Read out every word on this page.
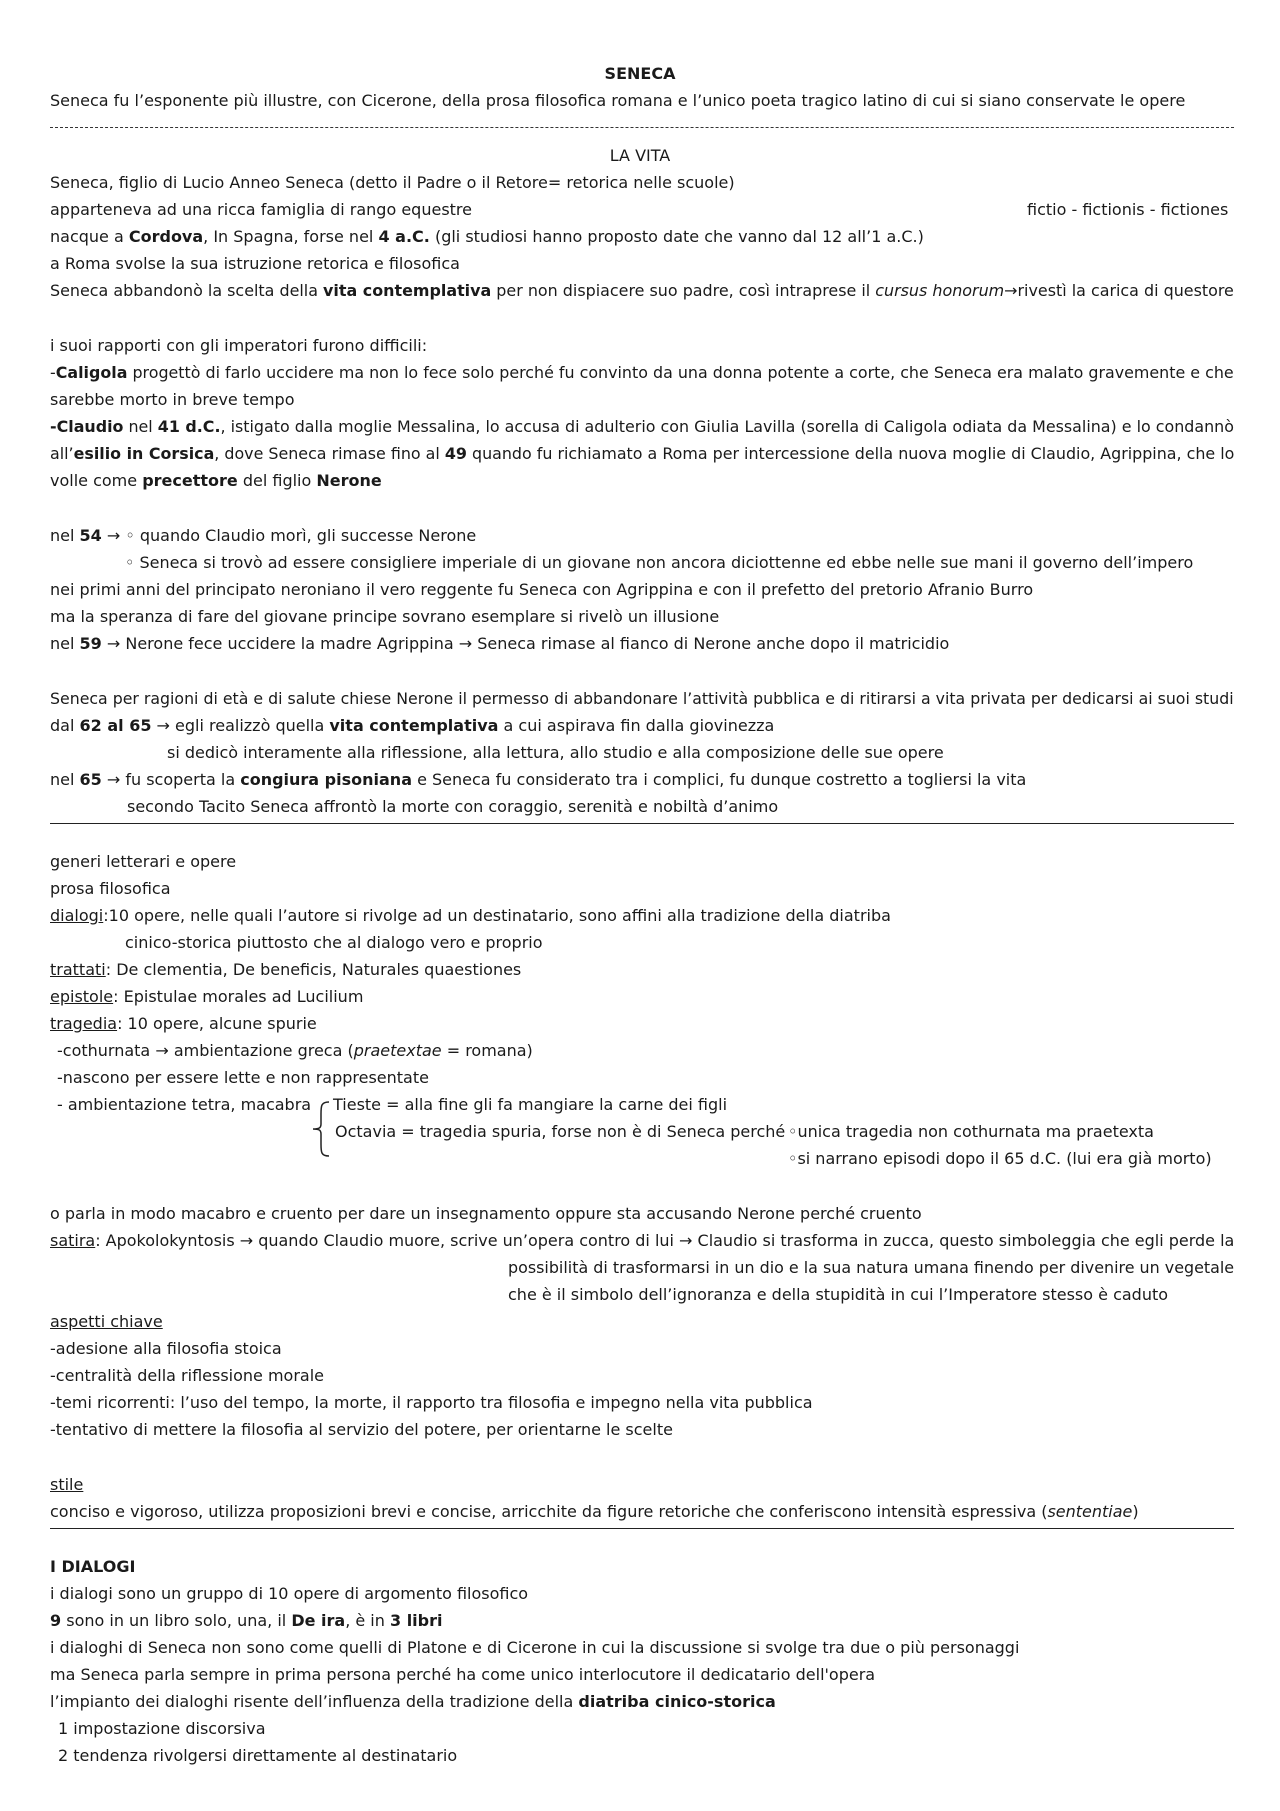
SENECA
Seneca fu l’esponente più illustre, con Cicerone, della prosa filosofica romana e l’unico poeta tragico latino di cui si siano conservate le opere
LA VITA
Seneca, figlio di Lucio Anneo Seneca (detto il Padre o il Retore= retorica nelle scuole)
apparteneva ad una ricca famiglia di rango equestre	fictio - fictionis - fictiones
nacque a Cordova, In Spagna, forse nel 4 a.C. (gli studiosi hanno proposto date che vanno dal 12 all’1 a.C.)
a Roma svolse la sua istruzione retorica e filosofica
Seneca abbandonò la scelta della vita contemplativa per non dispiacere suo padre, così intraprese il cursus honorum→rivestì la carica di questore
i suoi rapporti con gli imperatori furono difficili:
-Caligola progettò di farlo uccidere ma non lo fece solo perché fu convinto da una donna potente a corte, che Seneca era malato gravemente e che
sarebbe morto in breve tempo
-Claudio nel 41 d.C., istigato dalla moglie Messalina, lo accusa di adulterio con Giulia Lavilla (sorella di Caligola odiata da Messalina) e lo condannò
all’esilio in Corsica, dove Seneca rimase fino al 49 quando fu richiamato a Roma per intercessione della nuova moglie di Claudio, Agrippina, che lo
volle come precettore del figlio Nerone
nel 54 → ◦ quando Claudio morì, gli successe Nerone
◦ Seneca si trovò ad essere consigliere imperiale di un giovane non ancora diciottenne ed ebbe nelle sue mani il governo dell’impero
nei primi anni del principato neroniano il vero reggente fu Seneca con Agrippina e con il prefetto del pretorio Afranio Burro
ma la speranza di fare del giovane principe sovrano esemplare si rivelò un illusione
nel 59 → Nerone fece uccidere la madre Agrippina → Seneca rimase al fianco di Nerone anche dopo il matricidio
Seneca per ragioni di età e di salute chiese Nerone il permesso di abbandonare l’attività pubblica e di ritirarsi a vita privata per dedicarsi ai suoi studi
dal 62 al 65 → egli realizzò quella vita contemplativa a cui aspirava fin dalla giovinezza
si dedicò interamente alla riflessione, alla lettura, allo studio e alla composizione delle sue opere
nel 65 → fu scoperta la congiura pisoniana e Seneca fu considerato tra i complici, fu dunque costretto a togliersi la vita
secondo Tacito Seneca affrontò la morte con coraggio, serenità e nobiltà d’animo
generi letterari e opere
prosa filosofica
dialogi:10 opere, nelle quali l’autore si rivolge ad un destinatario, sono affini alla tradizione della diatriba
cinico-storica piuttosto che al dialogo vero e proprio
trattati: De clementia, De beneficis, Naturales quaestiones
epistole: Epistulae morales ad Lucilium
tragedia: 10 opere, alcune spurie
-cothurnata → ambientazione greca (praetextae = romana)
-nascono per essere lette e non rappresentate
- ambientazione tetra, macabra Tieste = alla fine gli fa mangiare la carne dei figli
Octavia = tragedia spuria, forse non è di Seneca perché ◦unica tragedia non cothurnata ma praetexta
◦si narrano episodi dopo il 65 d.C. (lui era già morto)
o parla in modo macabro e cruento per dare un insegnamento oppure sta accusando Nerone perché cruento
satira: Apokolokyntosis → quando Claudio muore, scrive un’opera contro di lui → Claudio si trasforma in zucca, questo simboleggia che egli perde la
possibilità di trasformarsi in un dio e la sua natura umana finendo per divenire un vegetale
che è il simbolo dell’ignoranza e della stupidità in cui l’Imperatore stesso è caduto
aspetti chiave
-adesione alla filosofia stoica
-centralità della riflessione morale
-temi ricorrenti: l’uso del tempo, la morte, il rapporto tra filosofia e impegno nella vita pubblica
-tentativo di mettere la filosofia al servizio del potere, per orientarne le scelte
stile
conciso e vigoroso, utilizza proposizioni brevi e concise, arricchite da figure retoriche che conferiscono intensità espressiva (sententiae)
I DIALOGI
i dialogi sono un gruppo di 10 opere di argomento filosofico
9 sono in un libro solo, una, il De ira, è in 3 libri
i dialoghi di Seneca non sono come quelli di Platone e di Cicerone in cui la discussione si svolge tra due o più personaggi
ma Seneca parla sempre in prima persona perché ha come unico interlocutore il dedicatario dell'opera
l’impianto dei dialoghi risente dell’influenza della tradizione della diatriba cinico-storica
1 impostazione discorsiva
2 tendenza rivolgersi direttamente al destinatario
